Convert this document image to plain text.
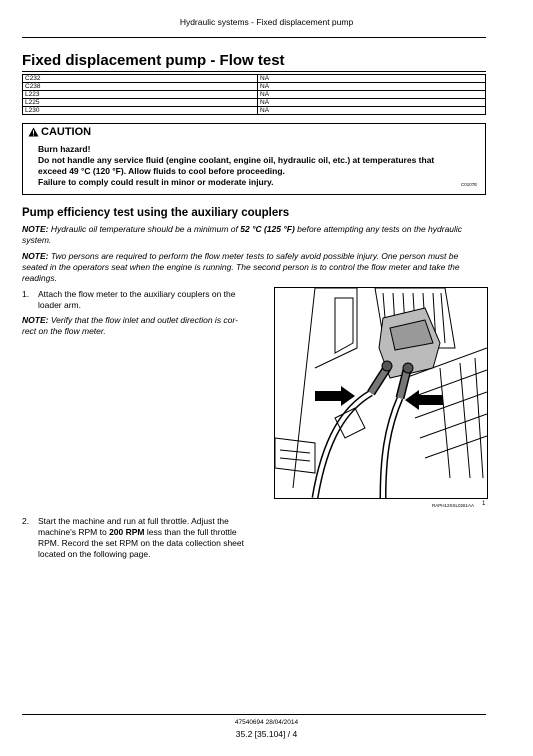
Hydraulic systems - Fixed displacement pump
Fixed displacement pump - Flow test
C232	NA
C238	NA
L223	NA
L225	NA
L230	NA
CAUTION
Burn hazard!
Do not handle any service fluid (engine coolant, engine oil, hydraulic oil, etc.) at temperatures that
exceed 49 °C (120 °F). Allow fluids to cool before proceeding.
Failure to comply could result in minor or moderate injury.	C0107E
Pump efficiency test using the auxiliary couplers
NOTE: Hydraulic oil temperature should be a minimum of 52 °C (125 °F) before attempting any tests on the hydraulic
system.
NOTE: Two persons are required to perform the flow meter tests to safely avoid possible injury. One person must be
seated in the operators seat when the engine is running. The second person is to control the flow meter and take the
readings.
1. Attach the flow meter to the auxiliary couplers on the
loader arm.
NOTE: Verify that the flow inlet and outlet direction is cor-
rect on the flow meter.
RAPH12SSL0261AA 1
2. Start the machine and run at full throttle. Adjust the
machine's RPM to 200 RPM less than the full throttle
RPM. Record the set RPM on the data collection sheet
located on the following page.
47540694 28/04/2014
35.2 [35.104] / 4
